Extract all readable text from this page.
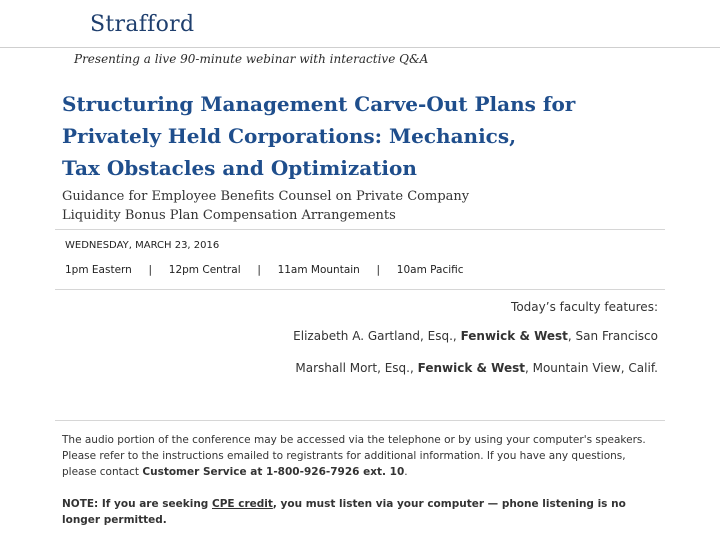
Strafford
Presenting a live 90-minute webinar with interactive Q&A
Structuring Management Carve-Out Plans for
Privately Held Corporations: Mechanics,
Tax Obstacles and Optimization
Guidance for Employee Benefits Counsel on Private Company
Liquidity Bonus Plan Compensation Arrangements
WEDNESDAY, MARCH 23, 2016
1pm Eastern | 12pm Central | 11am Mountain | 10am Pacific
Today’s faculty features:
Elizabeth A. Gartland, Esq., Fenwick & West, San Francisco
Marshall Mort, Esq., Fenwick & West, Mountain View, Calif.

The audio portion of the conference may be accessed via the telephone or by using your computer's speakers. Please refer to the instructions emailed to registrants for additional information. If you have any questions, please contact Customer Service at 1-800-926-7926 ext. 10.

NOTE: If you are seeking CPE credit, you must listen via your computer — phone listening is no longer permitted.
